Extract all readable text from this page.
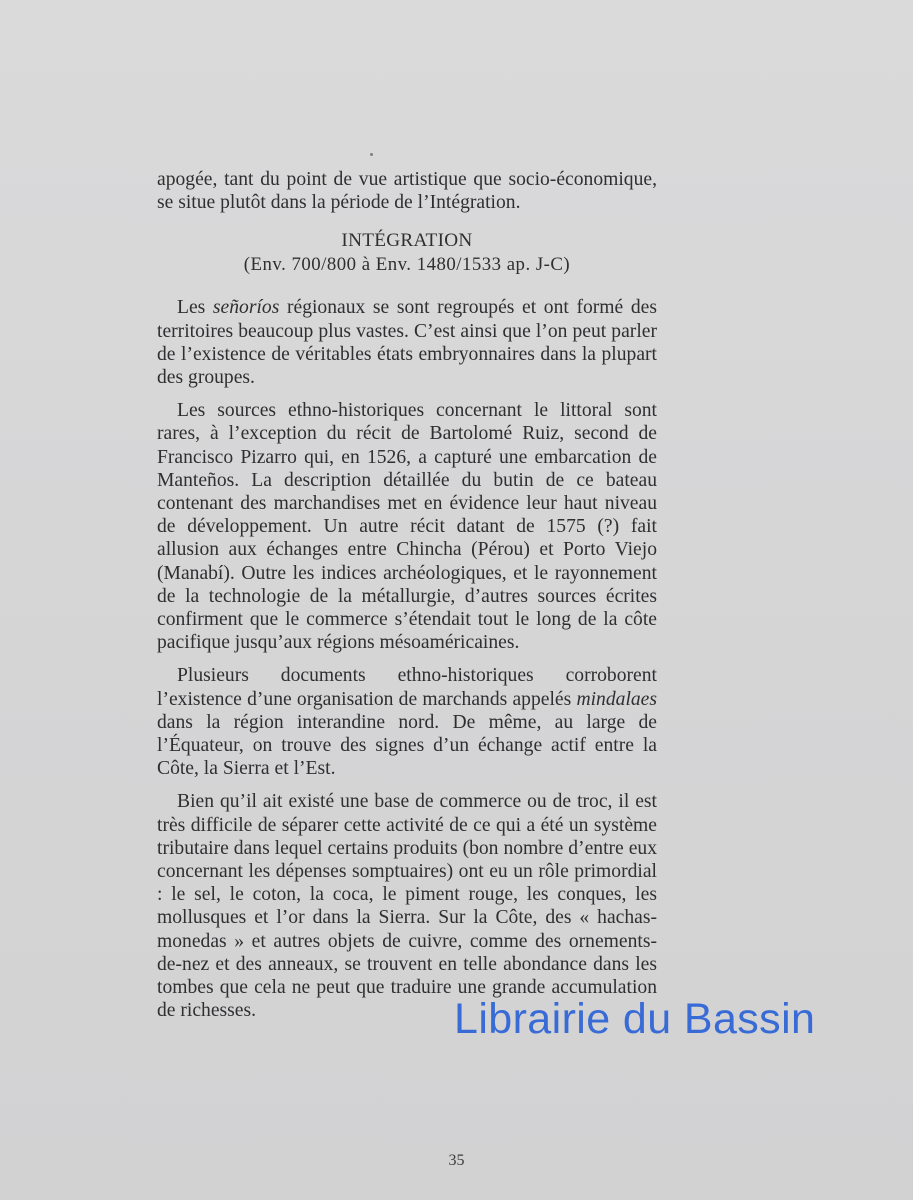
apogée, tant du point de vue artistique que socio-économique, se situe plutôt dans la période de l’Intégration.

INTÉGRATION
(Env. 700/800 à Env. 1480/1533 ap. J-C)

Les señoríos régionaux se sont regroupés et ont formé des territoires beaucoup plus vastes. C’est ainsi que l’on peut parler de l’existence de véritables états embryonnaires dans la plupart des groupes.

Les sources ethno-historiques concernant le littoral sont rares, à l’exception du récit de Bartolomé Ruiz, second de Francisco Pizarro qui, en 1526, a capturé une embarcation de Manteños. La description détaillée du butin de ce bateau contenant des marchandises met en évidence leur haut niveau de développement. Un autre récit datant de 1575 (?) fait allusion aux échanges entre Chincha (Pérou) et Porto Viejo (Manabí). Outre les indices archéologiques, et le rayonnement de la technologie de la métallurgie, d’autres sources écrites confirment que le commerce s’étendait tout le long de la côte pacifique jusqu’aux régions mésoaméricaines.

Plusieurs documents ethno-historiques corroborent l’existence d’une organisation de marchands appelés mindalaes dans la région interandine nord. De même, au large de l’Équateur, on trouve des signes d’un échange actif entre la Côte, la Sierra et l’Est.

Bien qu’il ait existé une base de commerce ou de troc, il est très difficile de séparer cette activité de ce qui a été un système tributaire dans lequel certains produits (bon nombre d’entre eux concernant les dépenses somptuaires) ont eu un rôle primordial : le sel, le coton, la coca, le piment rouge, les conques, les mollusques et l’or dans la Sierra. Sur la Côte, des « hachas-monedas » et autres objets de cuivre, comme des ornements-de-nez et des anneaux, se trouvent en telle abondance dans les tombes que cela ne peut que traduire une grande accumulation de richesses.	Librairie du Bassin
35
